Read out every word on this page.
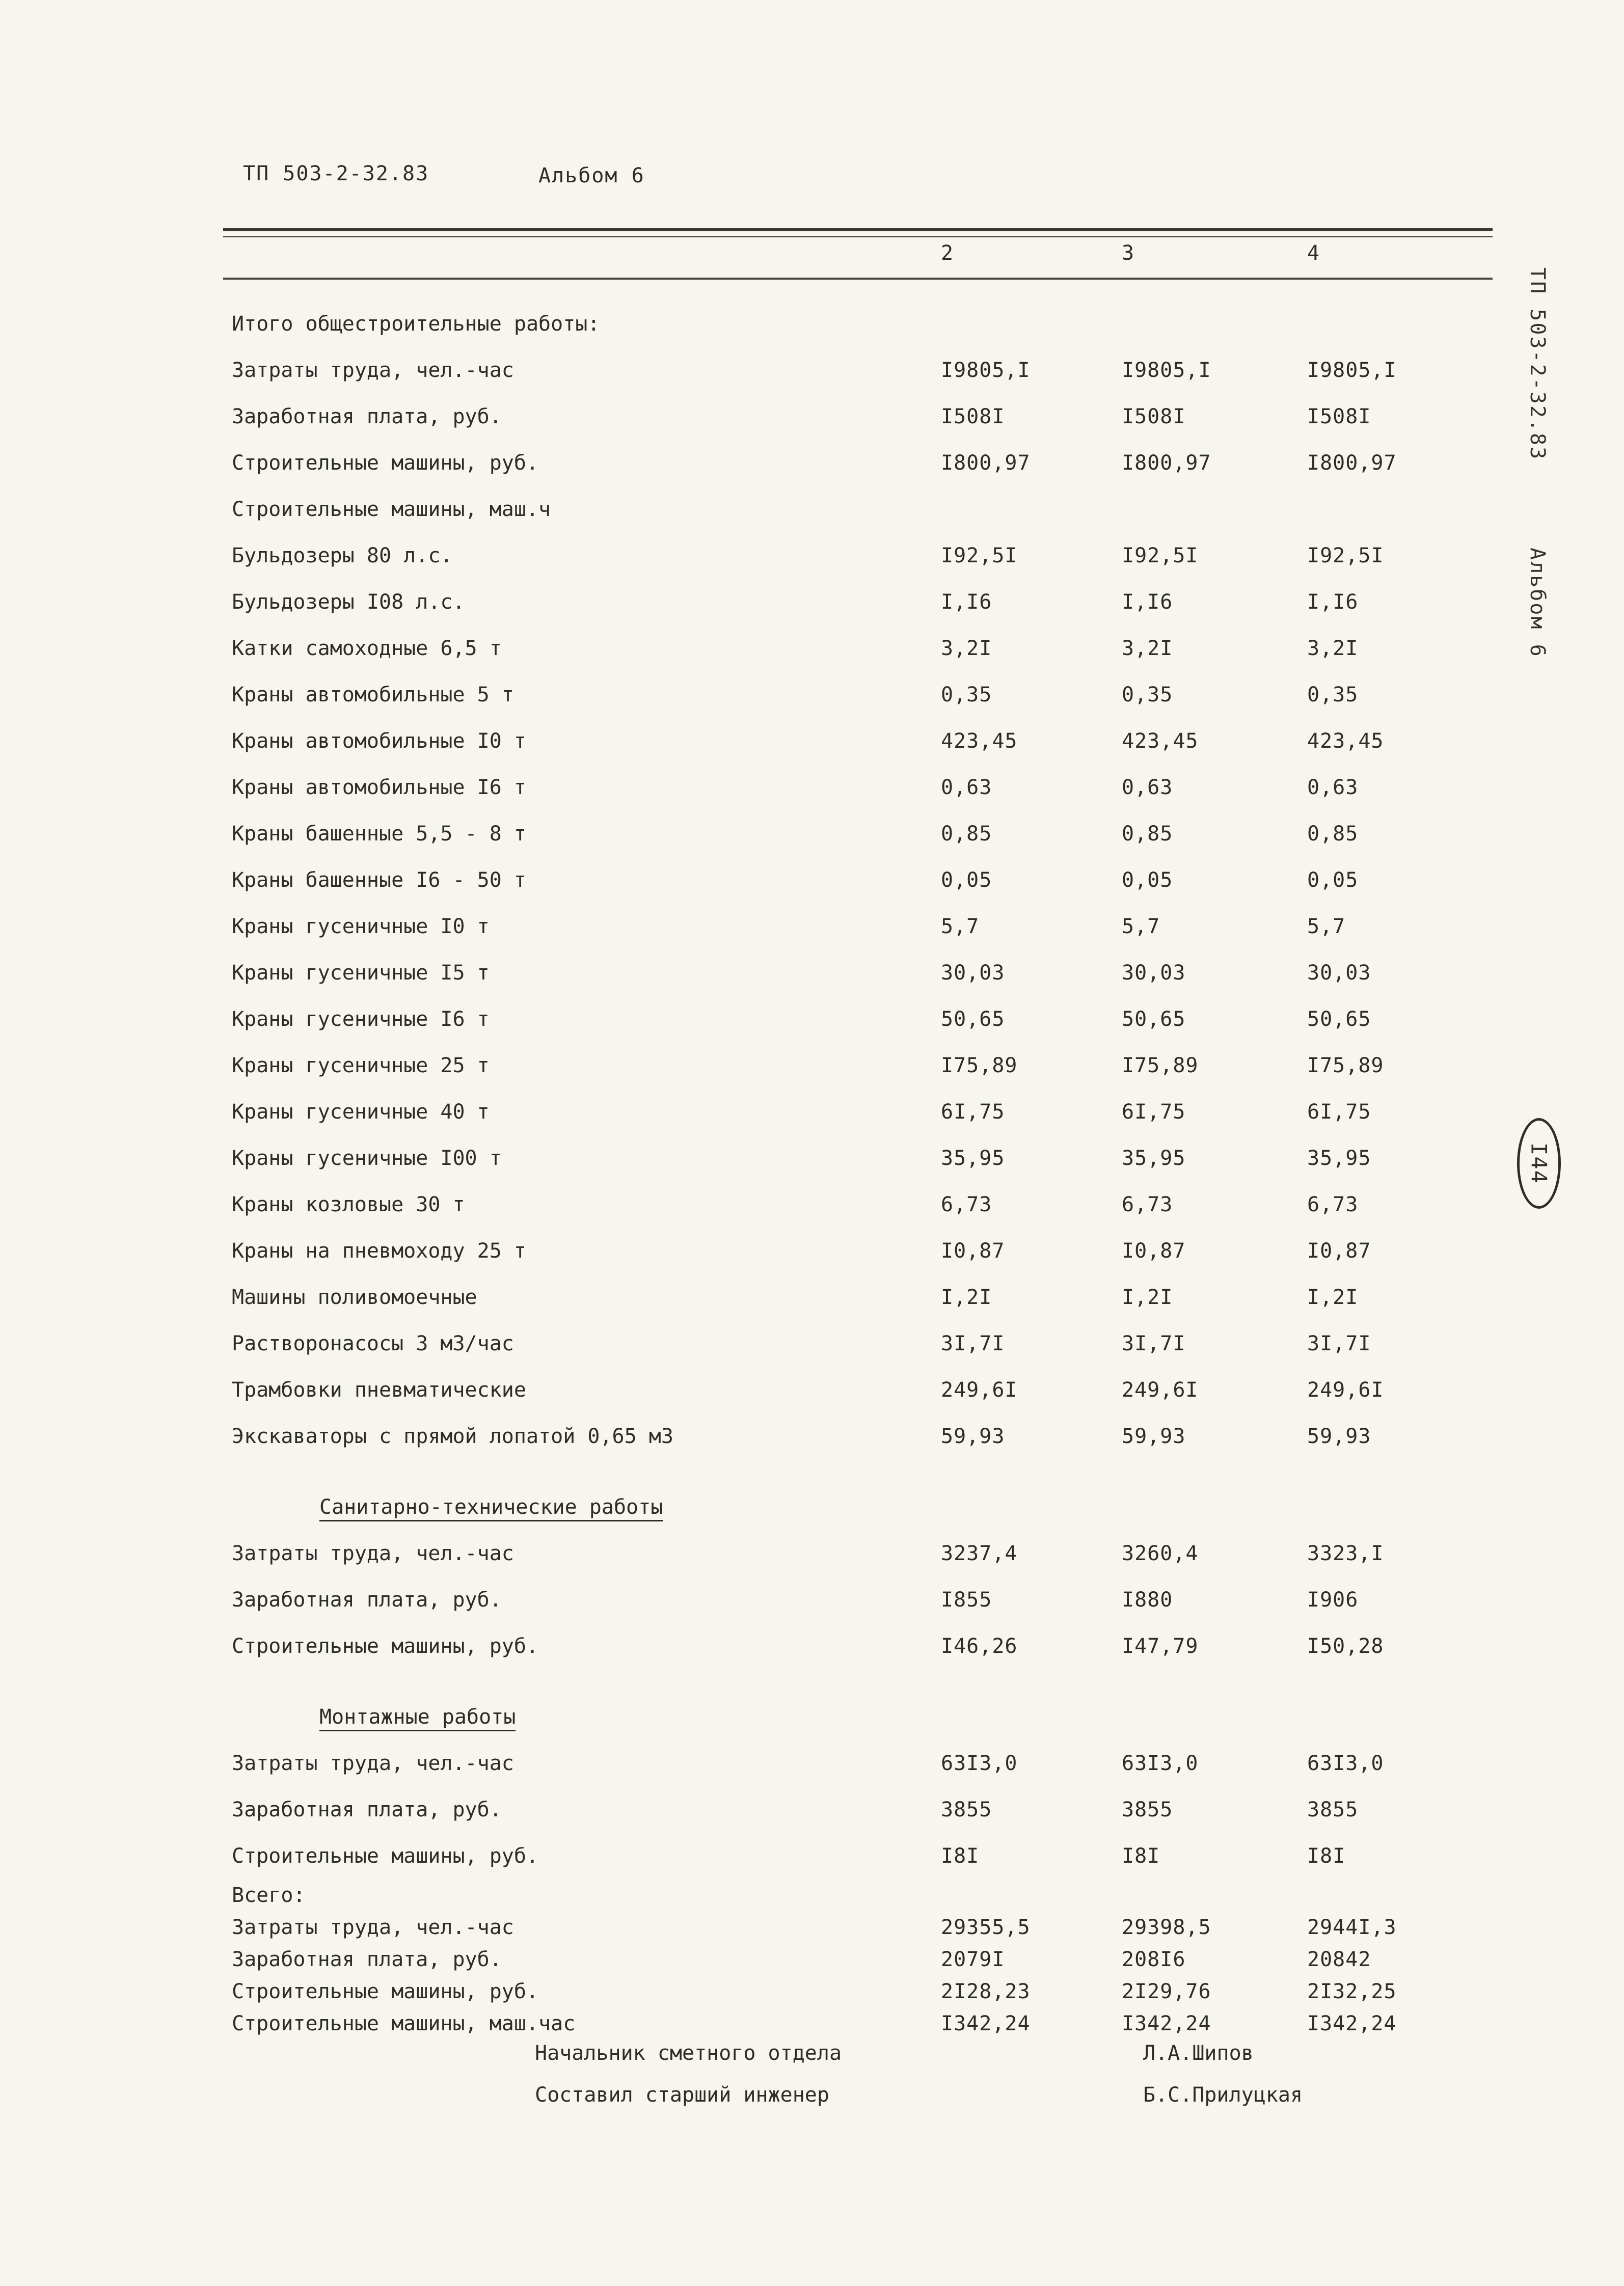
ТП 503-2-32.83	Альбом 6
2	3	4
Итого общестроительные работы:
Затраты труда, чел.-час	I9805,I	I9805,I	I9805,I
Заработная плата, руб.	I508I	I508I	I508I
Строительные машины, руб.	I800,97	I800,97	I800,97
Строительные машины, маш.ч
Бульдозеры 80 л.с.	I92,5I	I92,5I	I92,5I
Бульдозеры I08 л.с.	I,I6	I,I6	I,I6
Катки самоходные 6,5 т	3,2I	3,2I	3,2I
Краны автомобильные 5 т	0,35	0,35	0,35
Краны автомобильные I0 т	423,45	423,45	423,45
Краны автомобильные I6 т	0,63	0,63	0,63
Краны башенные 5,5 - 8 т	0,85	0,85	0,85
Краны башенные I6 - 50 т	0,05	0,05	0,05
Краны гусеничные I0 т	5,7	5,7	5,7
Краны гусеничные I5 т	30,03	30,03	30,03
Краны гусеничные I6 т	50,65	50,65	50,65
Краны гусеничные 25 т	I75,89	I75,89	I75,89
Краны гусеничные 40 т	6I,75	6I,75	6I,75
Краны гусеничные I00 т	35,95	35,95	35,95
Краны козловые 30 т	6,73	6,73	6,73
Краны на пневмоходу 25 т	I0,87	I0,87	I0,87
Машины поливомоечные	I,2I	I,2I	I,2I
Растворонасосы 3 м3/час	3I,7I	3I,7I	3I,7I
Трамбовки пневматические	249,6I	249,6I	249,6I
Экскаваторы с прямой лопатой 0,65 м3	59,93	59,93	59,93
Санитарно-технические работы
Затраты труда, чел.-час	3237,4	3260,4	3323,I
Заработная плата, руб.	I855	I880	I906
Строительные машины, руб.	I46,26	I47,79	I50,28
Монтажные работы
Затраты труда, чел.-час	63I3,0	63I3,0	63I3,0
Заработная плата, руб.	3855	3855	3855
Строительные машины, руб.	I8I	I8I	I8I
Всего:
Затраты труда, чел.-час	29355,5	29398,5	2944I,3
Заработная плата, руб.	2079I	208I6	20842
Строительные машины, руб.	2I28,23	2I29,76	2I32,25
Строительные машины, маш.час	I342,24	I342,24	I342,24
Начальник сметного отдела	Л.А.Шипов
Составил старший инженер	Б.С.Прилуцкая
ТП 503-2-32.83
Альбом 6
I44
